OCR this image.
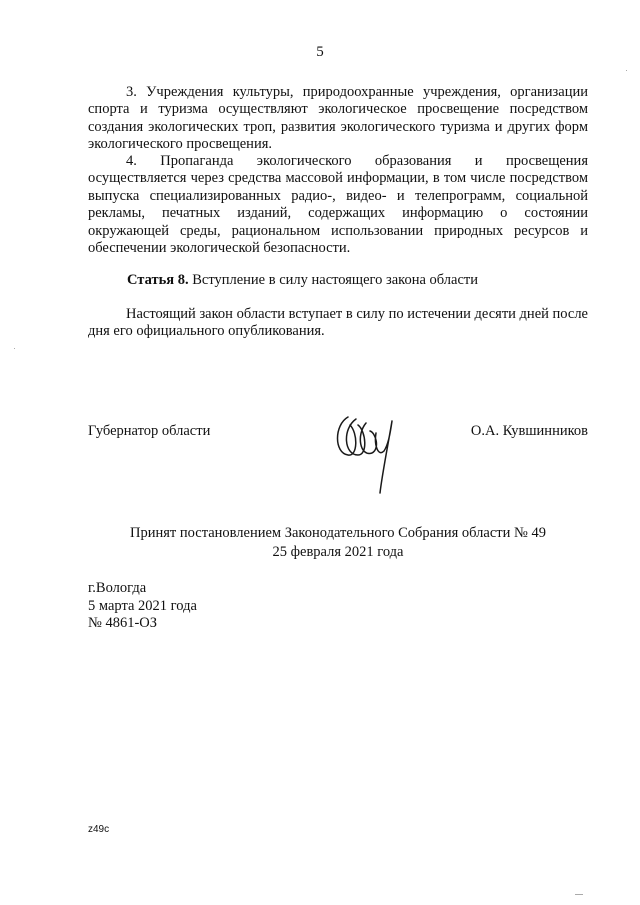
5

3. Учреждения культуры, природоохранные учреждения, организации спорта и туризма осуществляют экологическое просвещение посредством создания экологических троп, развития экологического туризма и других форм экологического просвещения.

4. Пропаганда экологического образования и просвещения осуществляется через средства массовой информации, в том числе посредством выпуска специализированных радио-, видео- и телепрограмм, социальной рекламы, печатных изданий, содержащих информацию о состоянии окружающей среды, рациональном использовании природных ресурсов и обеспечении экологической безопасности.

Статья 8. Вступление в силу настоящего закона области

Настоящий закон области вступает в силу по истечении десяти дней после дня его официального опубликования.

Губернатор области	О.А. Кувшинников
Принят постановлением Законодательного Собрания области № 49
25 февраля 2021 года
г.Вологда
5 марта 2021 года
№ 4861-ОЗ
z49c
